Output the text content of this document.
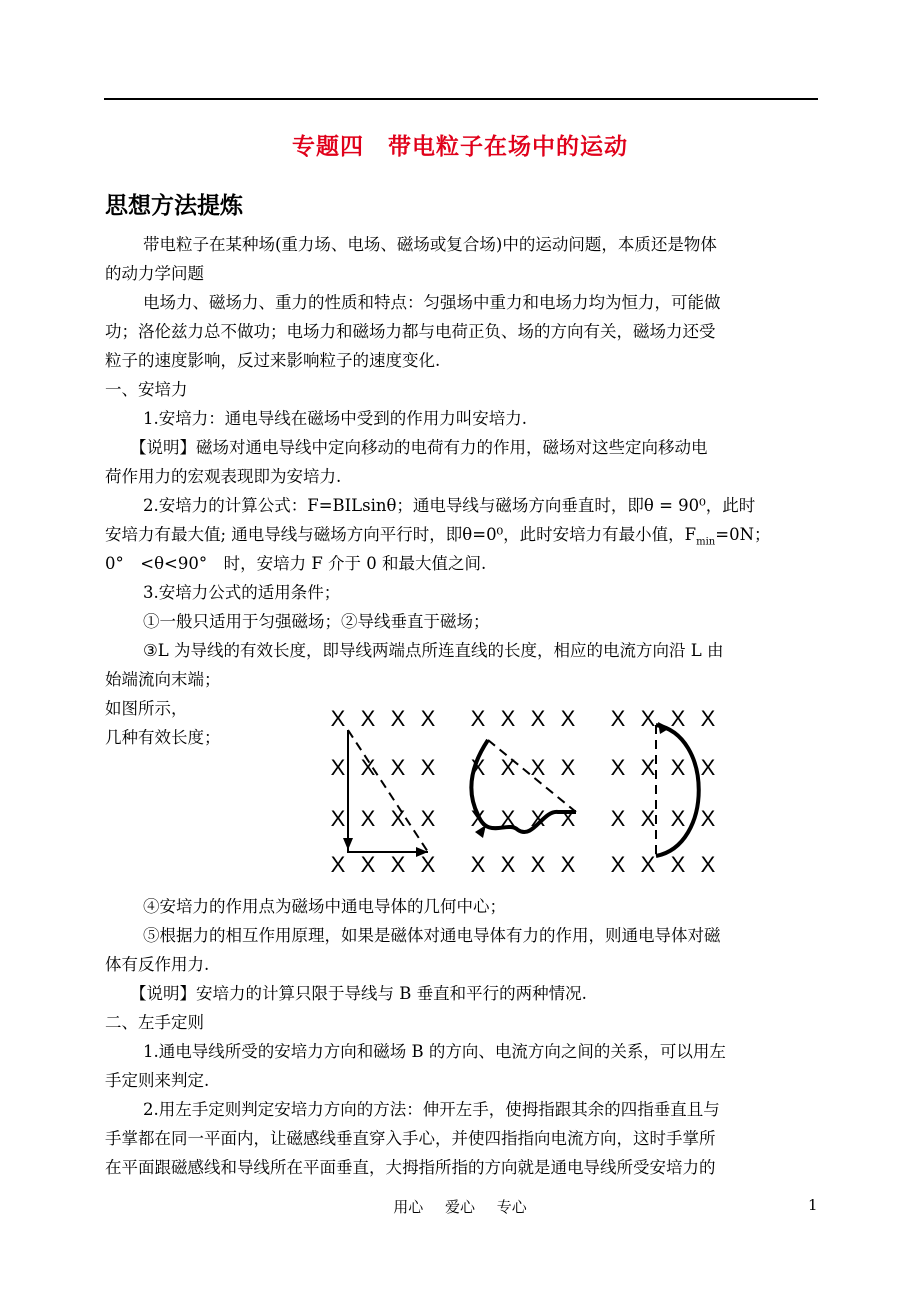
专题四　带电粒子在场中的运动
思想方法提炼
带电粒子在某种场(重力场、电场、磁场或复合场)中的运动问题，本质还是物体
的动力学问题
电场力、磁场力、重力的性质和特点：匀强场中重力和电场力均为恒力，可能做
功；洛伦兹力总不做功；电场力和磁场力都与电荷正负、场的方向有关，磁场力还受
粒子的速度影响，反过来影响粒子的速度变化.
一、安培力
1.安培力：通电导线在磁场中受到的作用力叫安培力.
【说明】磁场对通电导线中定向移动的电荷有力的作用，磁场对这些定向移动电
荷作用力的宏观表现即为安培力.
2.安培力的计算公式：F=BILsinθ；通电导线与磁场方向垂直时，即θ = 90⁰，此时
安培力有最大值; 通电导线与磁场方向平行时，即θ=0⁰，此时安培力有最小值，$F_{min}=0N$；
0°　<θ<90°　时，安培力 F 介于 0 和最大值之间.
3.安培力公式的适用条件；
①一般只适用于匀强磁场；②导线垂直于磁场；
③L 为导线的有效长度，即导线两端点所连直线的长度，相应的电流方向沿 L 由
始端流向末端；
如图所示，
几种有效长度；
X X X X
X X X X
X X X X
X X X X
X X X X
X X X X
X X X X
X X X X
X X X X
X X X X
X X X X
X X X X
④安培力的作用点为磁场中通电导体的几何中心；
⑤根据力的相互作用原理，如果是磁体对通电导体有力的作用，则通电导体对磁
体有反作用力.
【说明】安培力的计算只限于导线与 B 垂直和平行的两种情况.
二、左手定则
1.通电导线所受的安培力方向和磁场 B 的方向、电流方向之间的关系，可以用左
手定则来判定.
2.用左手定则判定安培力方向的方法：伸开左手，使拇指跟其余的四指垂直且与
手掌都在同一平面内，让磁感线垂直穿入手心，并使四指指向电流方向，这时手掌所
在平面跟磁感线和导线所在平面垂直，大拇指所指的方向就是通电导线所受安培力的
用心　 爱心　 专心	1
